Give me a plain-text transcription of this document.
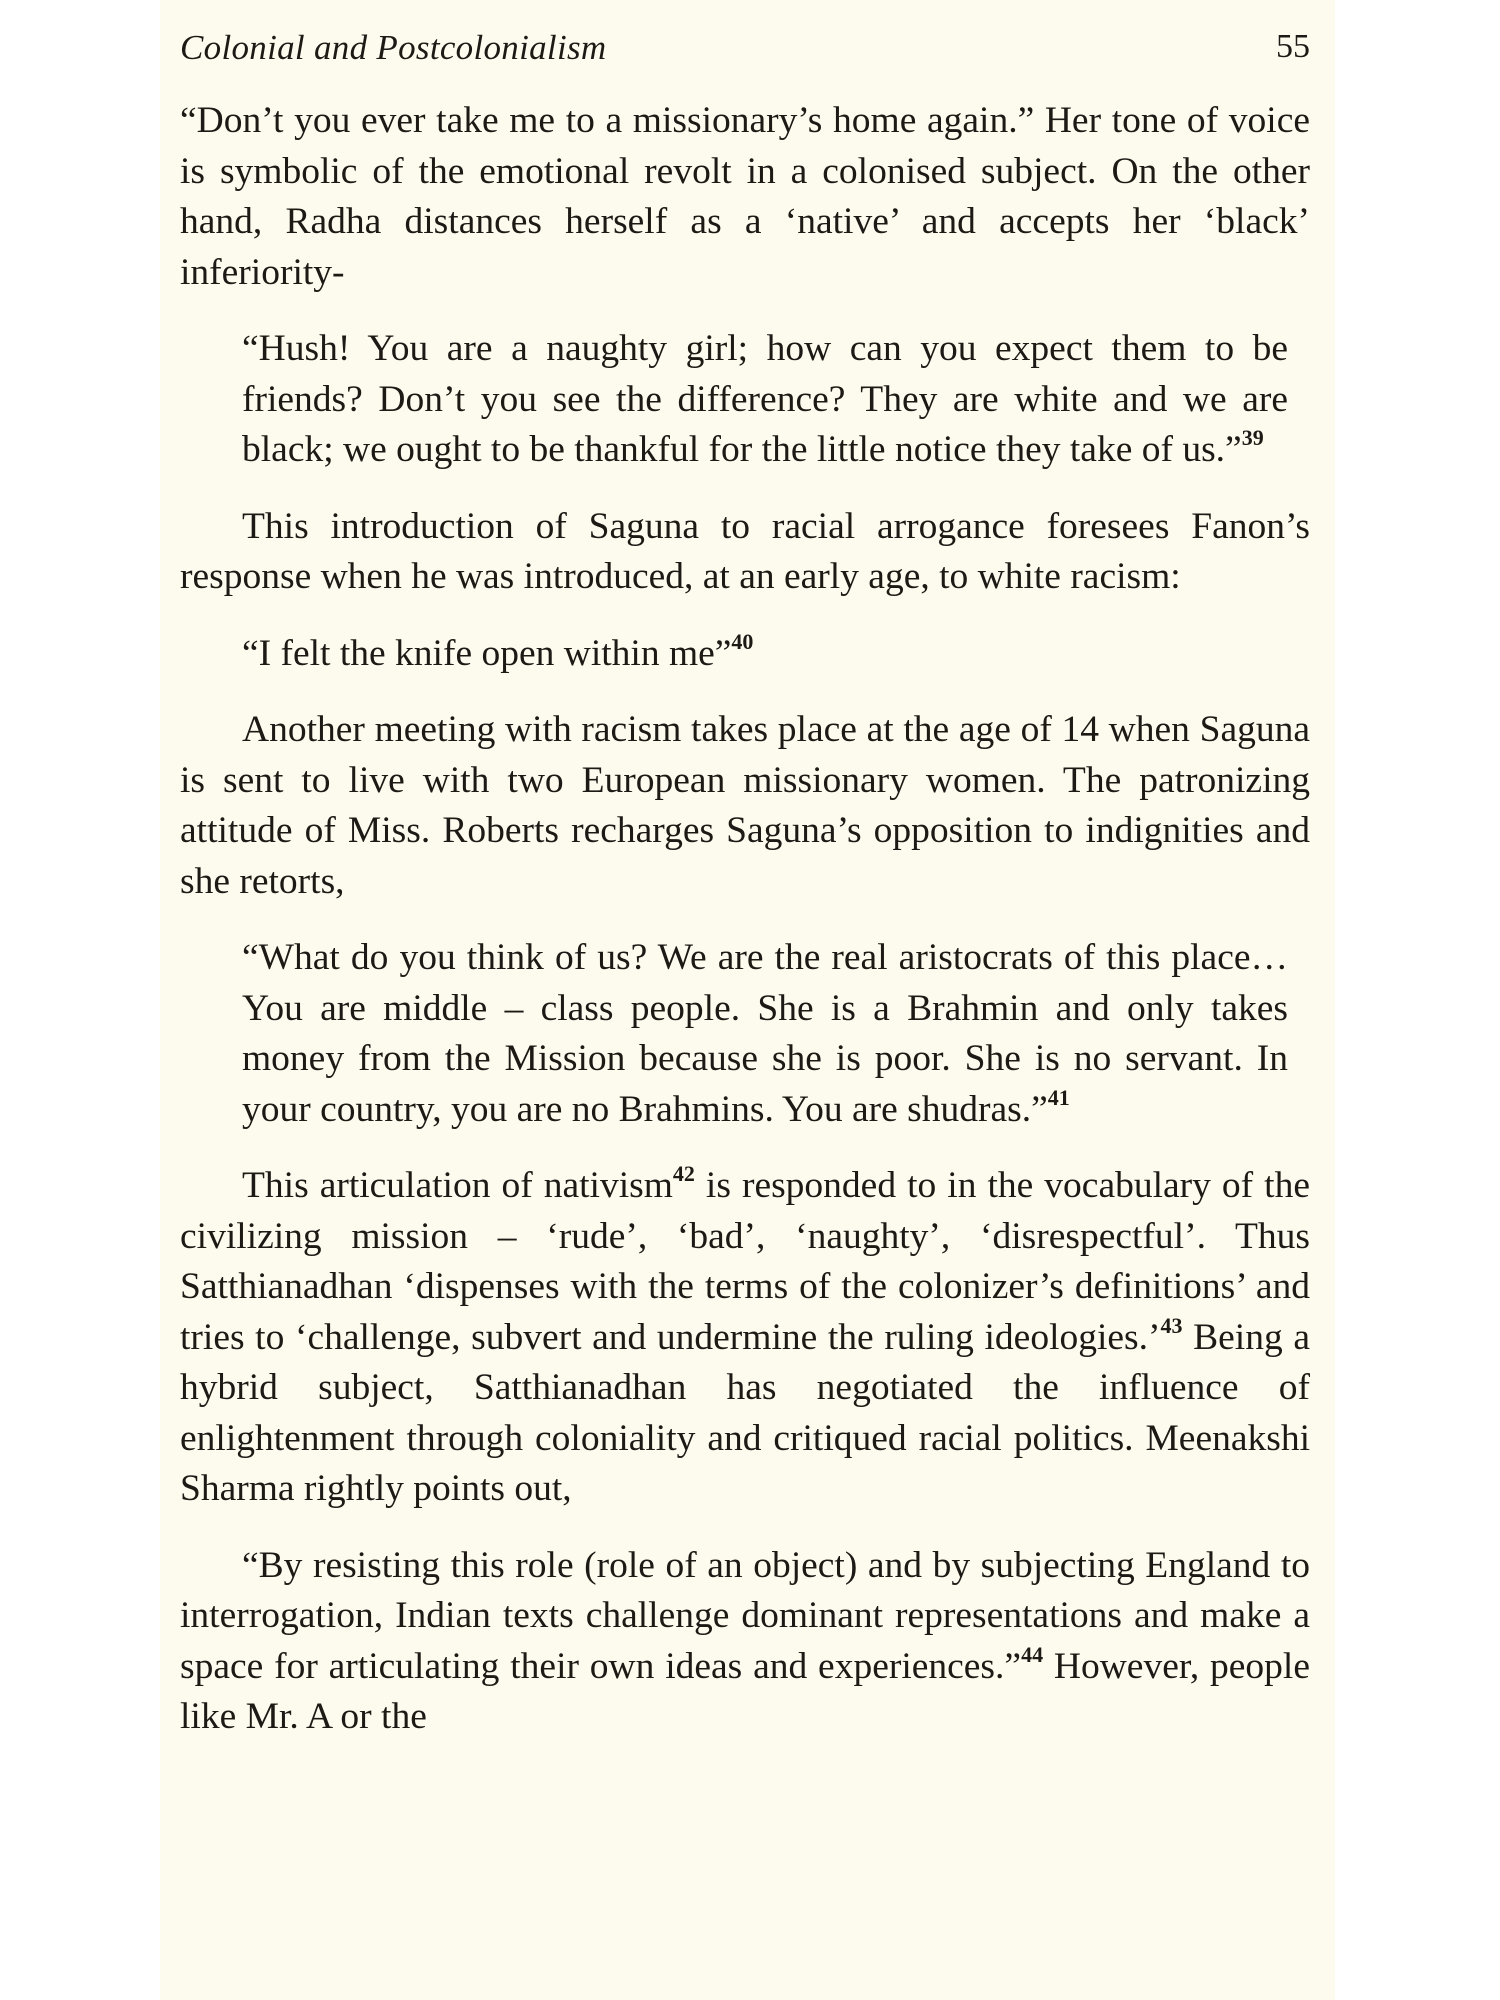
Colonial and Postcolonialism	55

“Don’t you ever take me to a missionary’s home again.” Her tone of voice is symbolic of the emotional revolt in a colonised subject. On the other hand, Radha distances herself as a ‘native’ and accepts her ‘black’ inferiority-

“Hush! You are a naughty girl; how can you expect them to be friends? Don’t you see the difference? They are white and we are black; we ought to be thankful for the little notice they take of us.”$^{39}$

This introduction of Saguna to racial arrogance foresees Fanon’s response when he was introduced, at an early age, to white racism:

“I felt the knife open within me”$^{40}$

Another meeting with racism takes place at the age of 14 when Saguna is sent to live with two European missionary women. The patronizing attitude of Miss. Roberts recharges Saguna’s opposition to indignities and she retorts,

“What do you think of us? We are the real aristocrats of this place… You are middle – class people. She is a Brahmin and only takes money from the Mission because she is poor. She is no servant. In your country, you are no Brahmins. You are shudras.”$^{41}$

This articulation of nativism$^{42}$ is responded to in the vocabulary of the civilizing mission – ‘rude’, ‘bad’, ‘naughty’, ‘disrespectful’. Thus Satthianadhan ‘dispenses with the terms of the colonizer’s definitions’ and tries to ‘challenge, subvert and undermine the ruling ideologies.’$^{43}$ Being a hybrid subject, Satthianadhan has negotiated the influence of enlightenment through coloniality and critiqued racial politics. Meenakshi Sharma rightly points out,

“By resisting this role (role of an object) and by subjecting England to interrogation, Indian texts challenge dominant representations and make a space for articulating their own ideas and experiences.”$^{44}$ However, people like Mr. A or the
